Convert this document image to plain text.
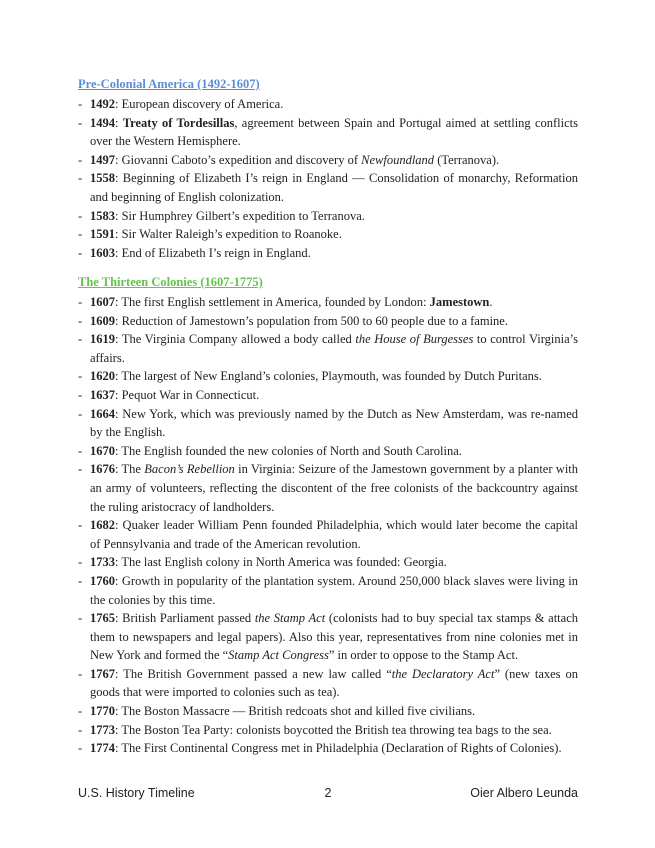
Pre-Colonial America (1492-1607)
- 1492: European discovery of America.
- 1494: Treaty of Tordesillas, agreement between Spain and Portugal aimed at settling conflicts over the Western Hemisphere.
- 1497: Giovanni Caboto’s expedition and discovery of Newfoundland (Terranova).
- 1558: Beginning of Elizabeth I’s reign in England — Consolidation of monarchy, Reformation and beginning of English colonization.
- 1583: Sir Humphrey Gilbert’s expedition to Terranova.
- 1591: Sir Walter Raleigh’s expedition to Roanoke.
- 1603: End of Elizabeth I’s reign in England.
The Thirteen Colonies (1607-1775)
- 1607: The first English settlement in America, founded by London: Jamestown.
- 1609: Reduction of Jamestown’s population from 500 to 60 people due to a famine.
- 1619: The Virginia Company allowed a body called the House of Burgesses to control Virginia’s affairs.
- 1620: The largest of New England’s colonies, Playmouth, was founded by Dutch Puritans.
- 1637: Pequot War in Connecticut.
- 1664: New York, which was previously named by the Dutch as New Amsterdam, was re-named by the English.
- 1670: The English founded the new colonies of North and South Carolina.
- 1676: The Bacon’s Rebellion in Virginia: Seizure of the Jamestown government by a planter with an army of volunteers, reflecting the discontent of the free colonists of the backcountry against the ruling aristocracy of landholders.
- 1682: Quaker leader William Penn founded Philadelphia, which would later become the capital of Pennsylvania and trade of the American revolution.
- 1733: The last English colony in North America was founded: Georgia.
- 1760: Growth in popularity of the plantation system. Around 250,000 black slaves were living in the colonies by this time.
- 1765: British Parliament passed the Stamp Act (colonists had to buy special tax stamps & attach them to newspapers and legal papers). Also this year, representatives from nine colonies met in New York and formed the “Stamp Act Congress” in order to oppose to the Stamp Act.
- 1767: The British Government passed a new law called “the Declaratory Act” (new taxes on goods that were imported to colonies such as tea).
- 1770: The Boston Massacre — British redcoats shot and killed five civilians.
- 1773: The Boston Tea Party: colonists boycotted the British tea throwing tea bags to the sea.
- 1774: The First Continental Congress met in Philadelphia (Declaration of Rights of Colonies).
U.S. History Timeline	2	Oier Albero Leunda
